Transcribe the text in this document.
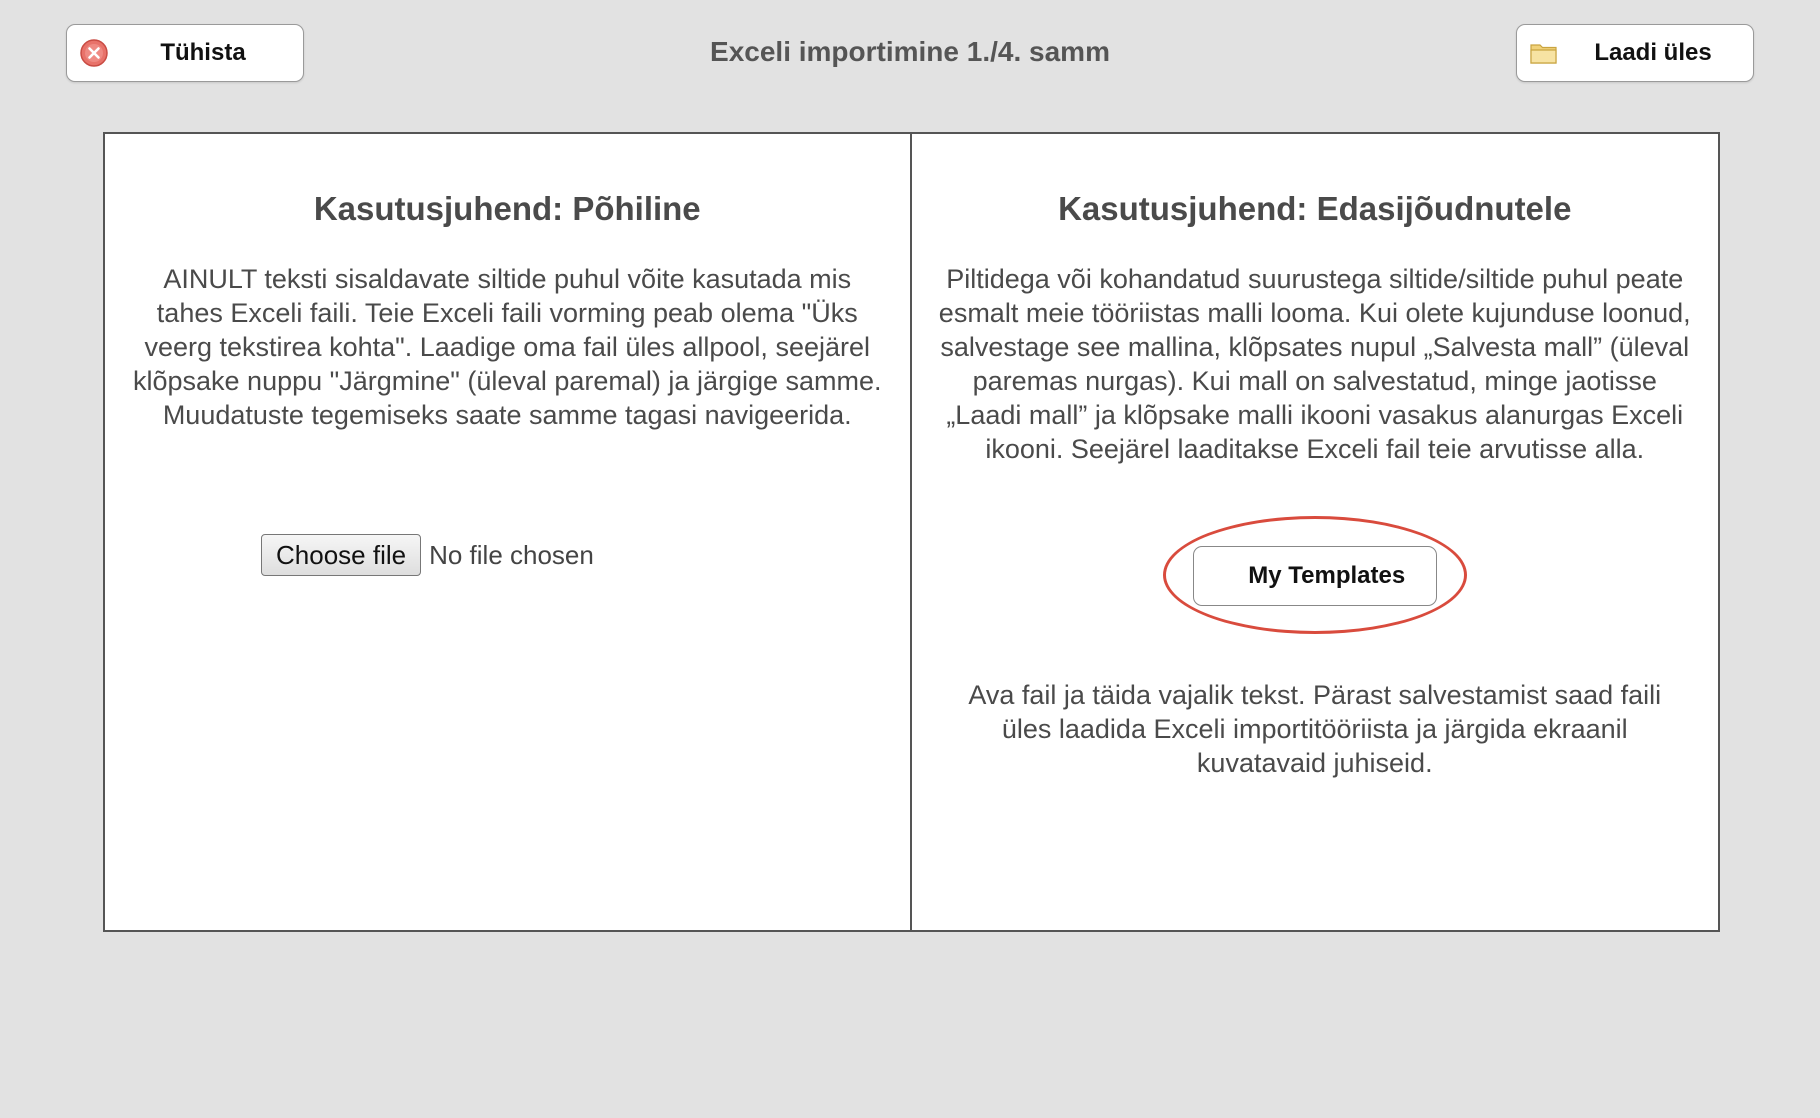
Tühista	Exceli importimine 1./4. samm	Laadi üles
Kasutusjuhend: Põhiline

AINULT teksti sisaldavate siltide puhul võite kasutada mis tahes Exceli faili. Teie Exceli faili vorming peab olema "Üks veerg tekstirea kohta". Laadige oma fail üles allpool, seejärel klõpsake nuppu "Järgmine" (üleval paremal) ja järgige samme. Muudatuste tegemiseks saate samme tagasi navigeerida.

Choose file No file chosen
Kasutusjuhend: Edasijõudnutele

Piltidega või kohandatud suurustega siltide/siltide puhul peate esmalt meie tööriistas malli looma. Kui olete kujunduse loonud, salvestage see mallina, klõpsates nupul „Salvesta mall” (üleval paremas nurgas). Kui mall on salvestatud, minge jaotisse „Laadi mall” ja klõpsake malli ikooni vasakus alanurgas Exceli ikooni. Seejärel laaditakse Exceli fail teie arvutisse alla.

My Templates

Ava fail ja täida vajalik tekst. Pärast salvestamist saad faili üles laadida Exceli importitööriista ja järgida ekraanil kuvatavaid juhiseid.
